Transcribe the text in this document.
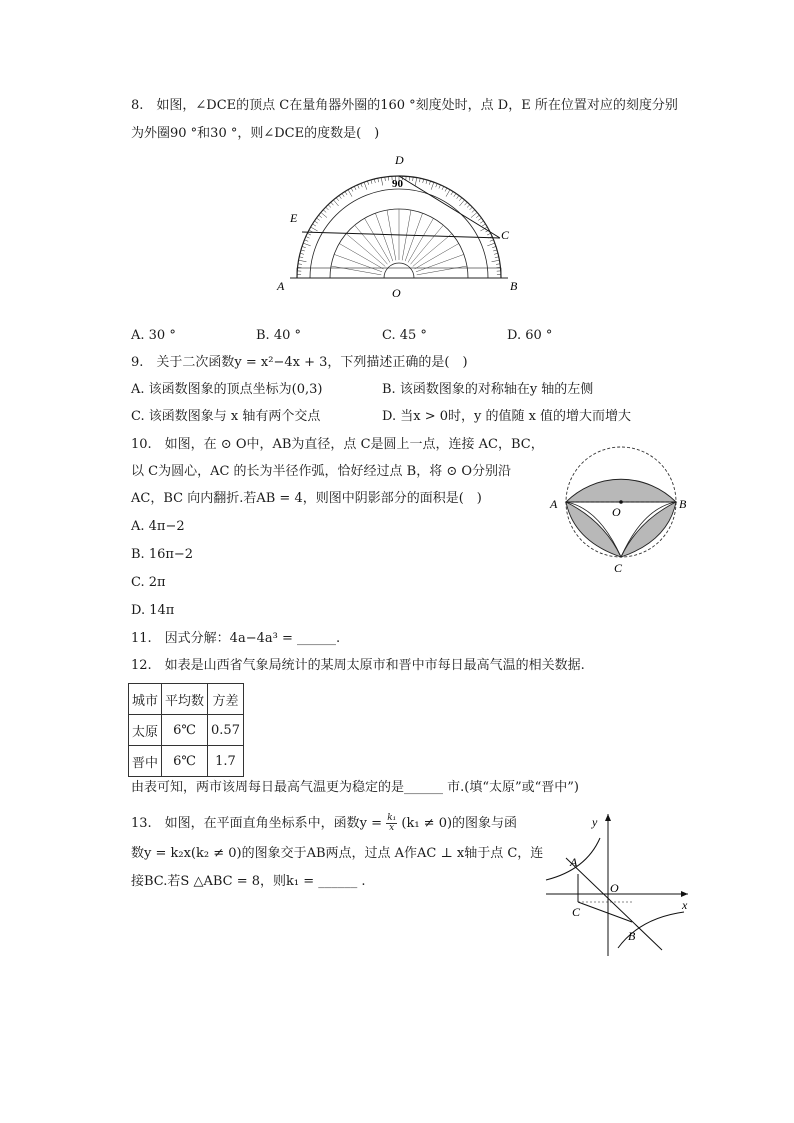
8.　如图，∠DCE的顶点 C在量角器外圈的160 °刻度处时，点 D，E 所在位置对应的刻度分别
为外圈90 °和30 °，则∠DCE的度数是(　)
D
E
C
A	B
O
90
A. 30 °	B. 40 °	C. 45 °	D. 60 °
9.　关于二次函数y = x²−4x + 3，下列描述正确的是(　)
A. 该函数图象的顶点坐标为(0,3)	B. 该函数图象的对称轴在y 轴的左侧
C. 该函数图象与 x 轴有两个交点	D. 当x > 0时，y 的值随 x 值的增大而增大
10.　如图，在 ⊙ O中，AB为直径，点 C是圆上一点，连接 AC，BC，
以 C为圆心，AC 的长为半径作弧，恰好经过点 B，将 ⊙ O分别沿
AC，BC 向内翻折.若AB = 4，则图中阴影部分的面积是(　)
A. 4π−2
B. 16π−2
C. 2π
D. 14π
A	B
O
C
11.　因式分解：4a−4a³ = ______.
12.　如表是山西省气象局统计的某周太原市和晋中市每日最高气温的相关数据.
城市	平均数	方差
太原	6℃	0.57
晋中	6℃	1.7
由表可知，两市该周每日最高气温更为稳定的是______ 市.(填“太原”或“晋中”)
13.　如图，在平面直角坐标系中，函数$y = \frac{\text{k₁}}{x} (k_1 \ne 0)$的图象与函
数y = k₂x(k₂ ≠ 0)的图象交于AB两点，过点 A作AC ⊥ x轴于点 C，连
接BC.若S △ABC = 8，则k₁ = ______ .
y
x
O
A
C
B
